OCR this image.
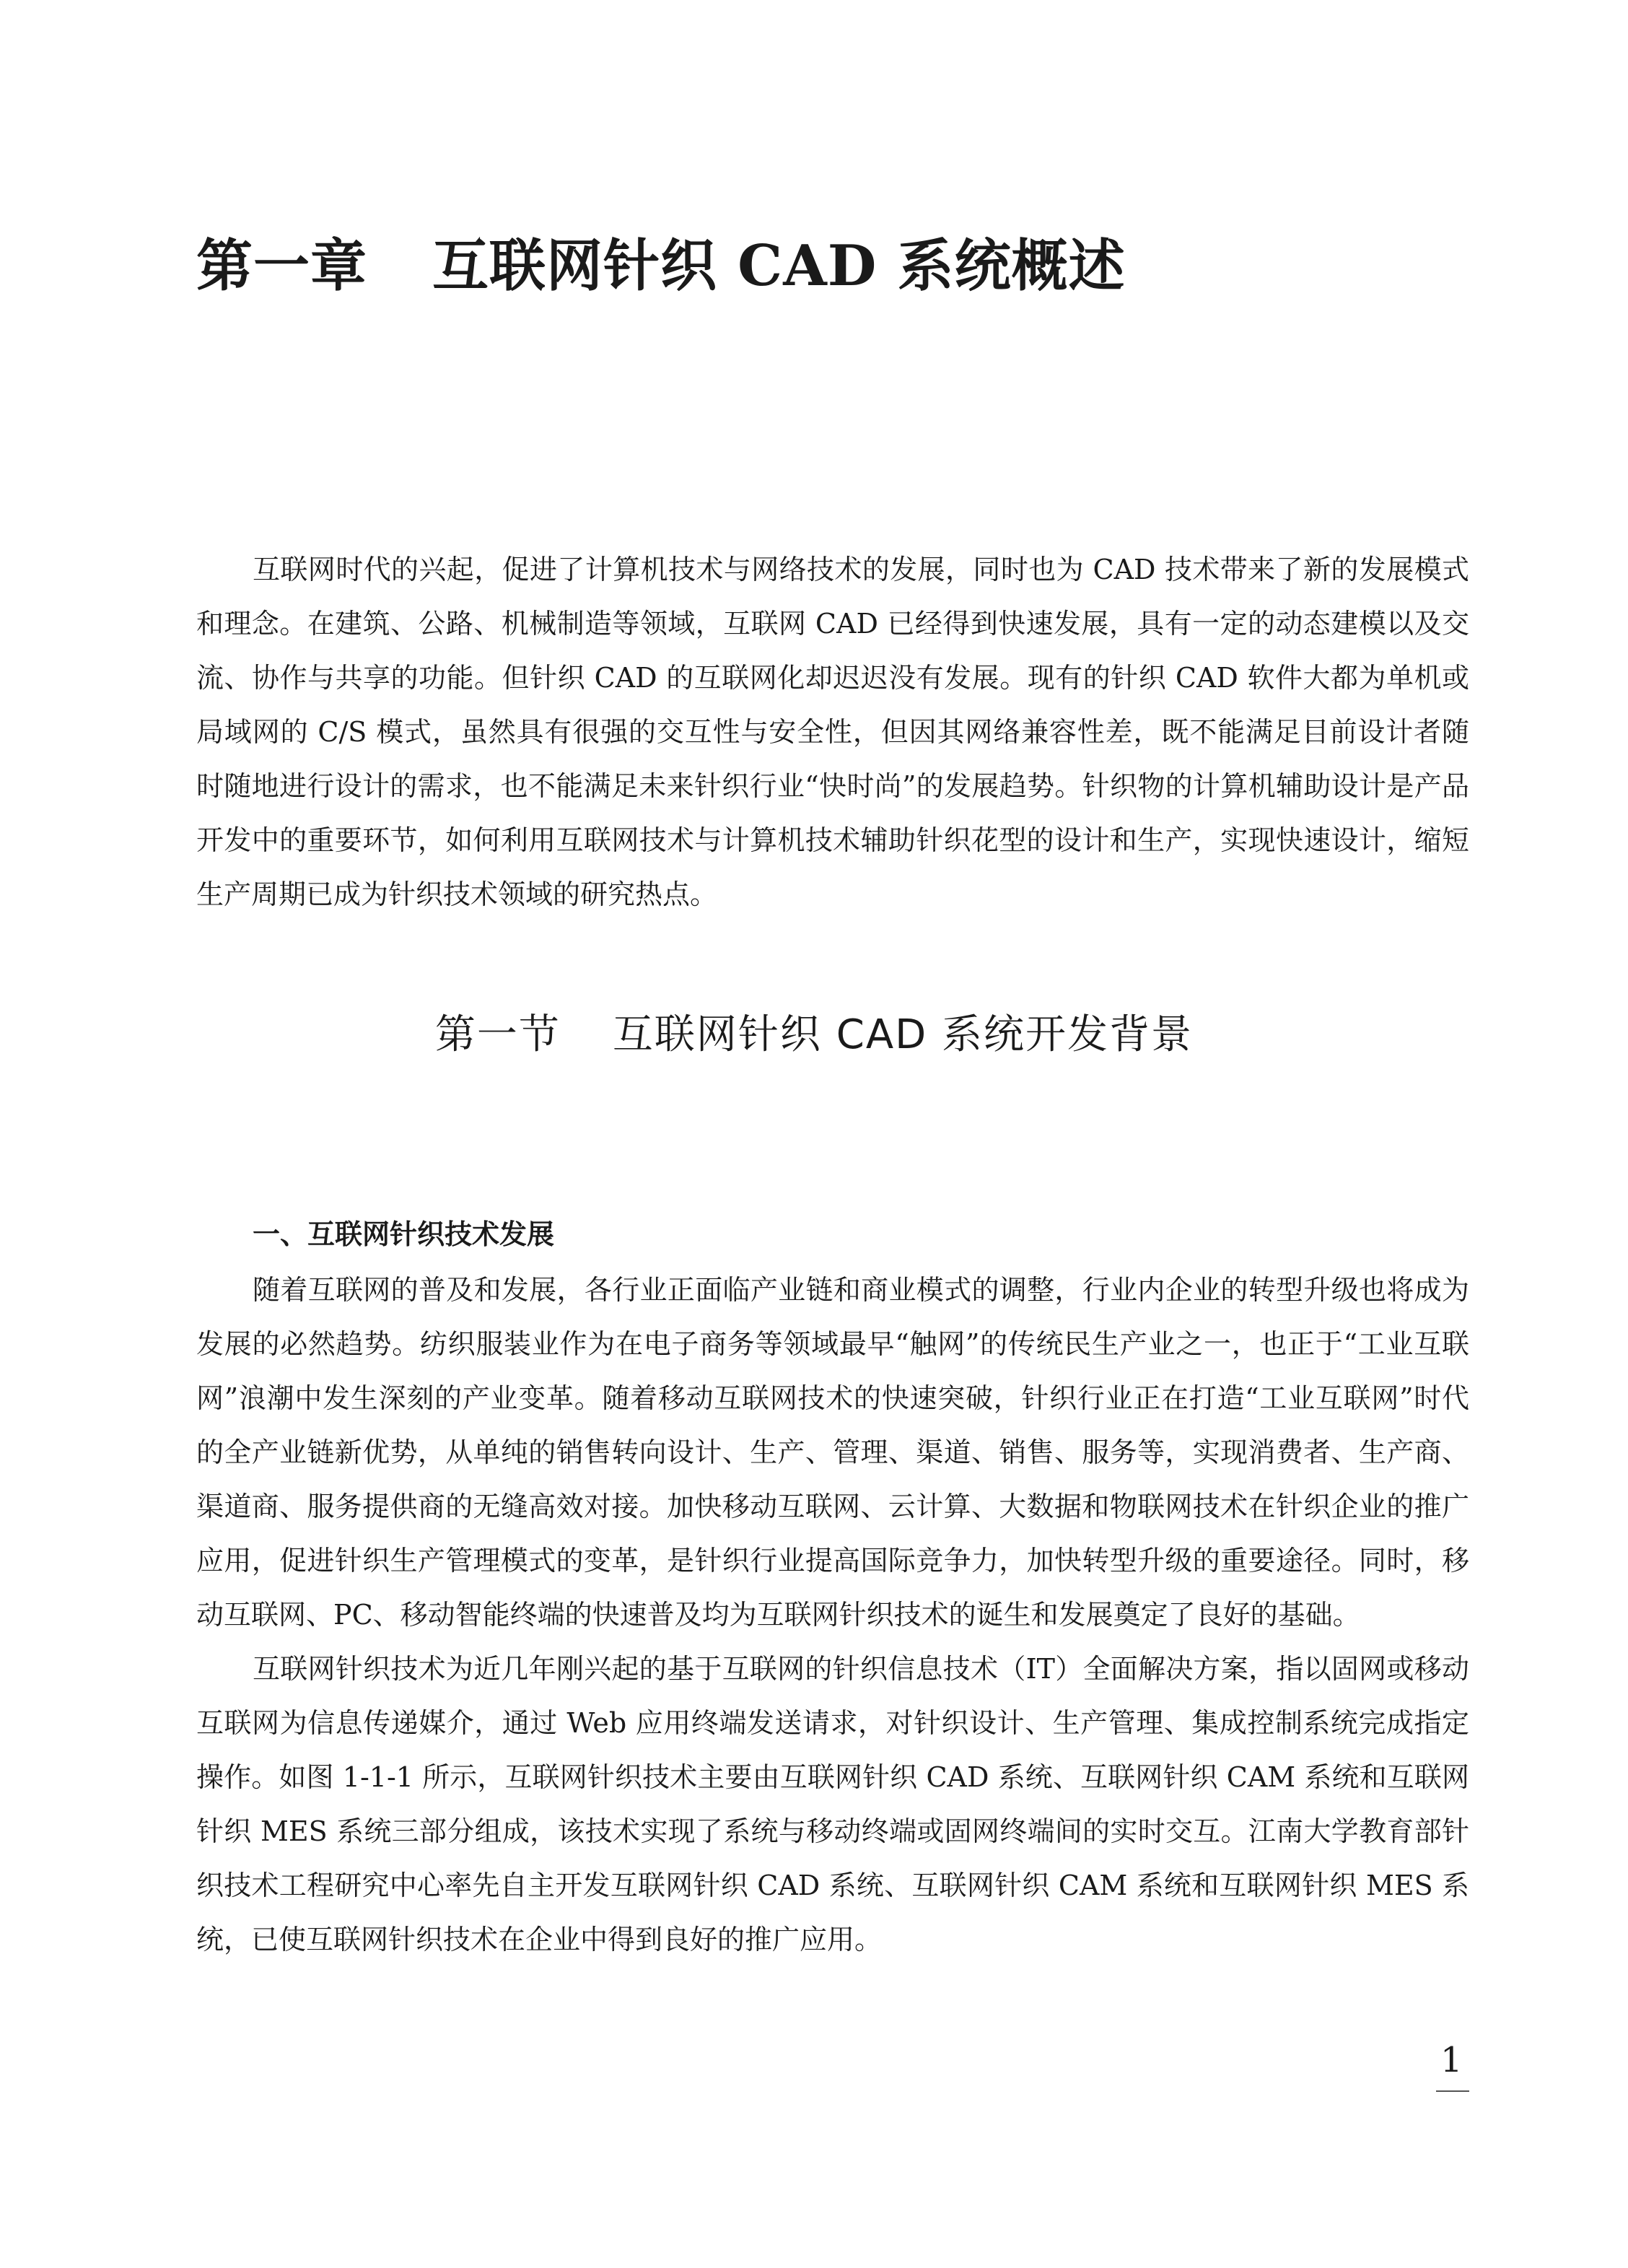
第一章 互联网针织 CAD 系统概述

互联网时代的兴起，促进了计算机技术与网络技术的发展，同时也为 CAD 技术带来了新的发展模式和理念。在建筑、公路、机械制造等领域，互联网 CAD 已经得到快速发展，具有一定的动态建模以及交流、协作与共享的功能。但针织 CAD 的互联网化却迟迟没有发展。现有的针织 CAD 软件大都为单机或局域网的 C/S 模式，虽然具有很强的交互性与安全性，但因其网络兼容性差，既不能满足目前设计者随时随地进行设计的需求，也不能满足未来针织行业“快时尚”的发展趋势。针织物的计算机辅助设计是产品开发中的重要环节，如何利用互联网技术与计算机技术辅助针织花型的设计和生产，实现快速设计，缩短生产周期已成为针织技术领域的研究热点。

第一节 互联网针织 CAD 系统开发背景
一、互联网针织技术发展

随着互联网的普及和发展，各行业正面临产业链和商业模式的调整，行业内企业的转型升级也将成为发展的必然趋势。纺织服装业作为在电子商务等领域最早“触网”的传统民生产业之一，也正于“工业互联网”浪潮中发生深刻的产业变革。随着移动互联网技术的快速突破，针织行业正在打造“工业互联网”时代的全产业链新优势，从单纯的销售转向设计、生产、管理、渠道、销售、服务等，实现消费者、生产商、渠道商、服务提供商的无缝高效对接。加快移动互联网、云计算、大数据和物联网技术在针织企业的推广应用，促进针织生产管理模式的变革，是针织行业提高国际竞争力，加快转型升级的重要途径。同时，移动互联网、PC、移动智能终端的快速普及均为互联网针织技术的诞生和发展奠定了良好的基础。

互联网针织技术为近几年刚兴起的基于互联网的针织信息技术（IT）全面解决方案，指以固网或移动互联网为信息传递媒介，通过 Web 应用终端发送请求，对针织设计、生产管理、集成控制系统完成指定操作。如图 1-1-1 所示，互联网针织技术主要由互联网针织 CAD 系统、互联网针织 CAM 系统和互联网针织 MES 系统三部分组成，该技术实现了系统与移动终端或固网终端间的实时交互。江南大学教育部针织技术工程研究中心率先自主开发互联网针织 CAD 系统、互联网针织 CAM 系统和互联网针织 MES 系统，已使互联网针织技术在企业中得到良好的推广应用。

1
